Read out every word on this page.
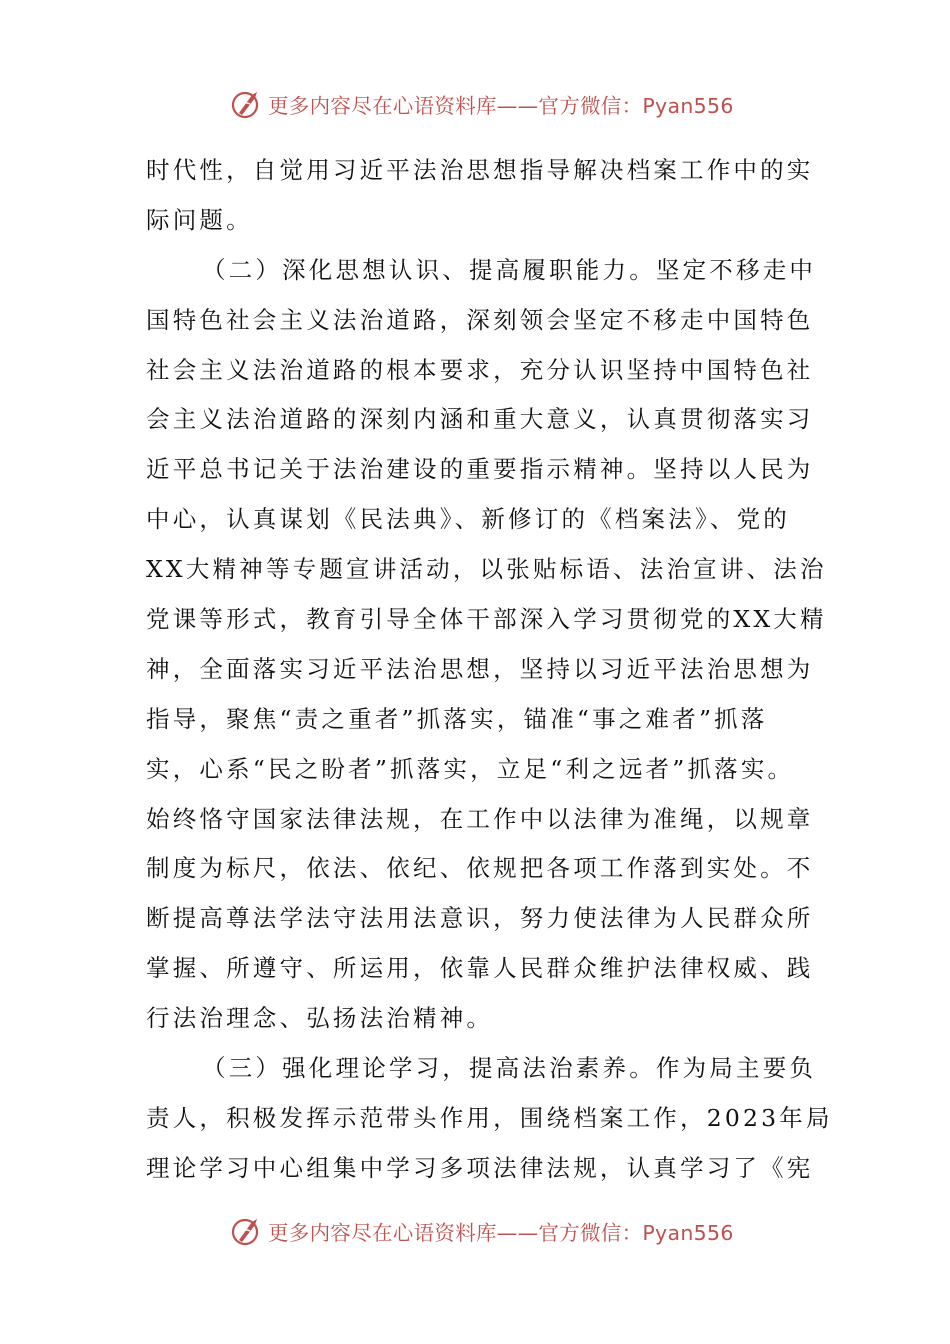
更多内容尽在心语资料库——官方微信：Pyan556
时代性，自觉用习近平法治思想指导解决档案工作中的实
际问题。
（二）深化思想认识、提高履职能力。坚定不移走中
国特色社会主义法治道路，深刻领会坚定不移走中国特色
社会主义法治道路的根本要求，充分认识坚持中国特色社
会主义法治道路的深刻内涵和重大意义，认真贯彻落实习
近平总书记关于法治建设的重要指示精神。坚持以人民为
中心，认真谋划《民法典》、新修订的《档案法》、党的
XX大精神等专题宣讲活动，以张贴标语、法治宣讲、法治
党课等形式，教育引导全体干部深入学习贯彻党的XX大精
神，全面落实习近平法治思想，坚持以习近平法治思想为
指导，聚焦“责之重者”抓落实，锚准“事之难者”抓落
实，心系“民之盼者”抓落实，立足“利之远者”抓落实。
始终恪守国家法律法规，在工作中以法律为准绳，以规章
制度为标尺，依法、依纪、依规把各项工作落到实处。不
断提高尊法学法守法用法意识，努力使法律为人民群众所
掌握、所遵守、所运用，依靠人民群众维护法律权威、践
行法治理念、弘扬法治精神。
（三）强化理论学习，提高法治素养。作为局主要负
责人，积极发挥示范带头作用，围绕档案工作，2023年局
理论学习中心组集中学习多项法律法规，认真学习了《宪
更多内容尽在心语资料库——官方微信：Pyan556
